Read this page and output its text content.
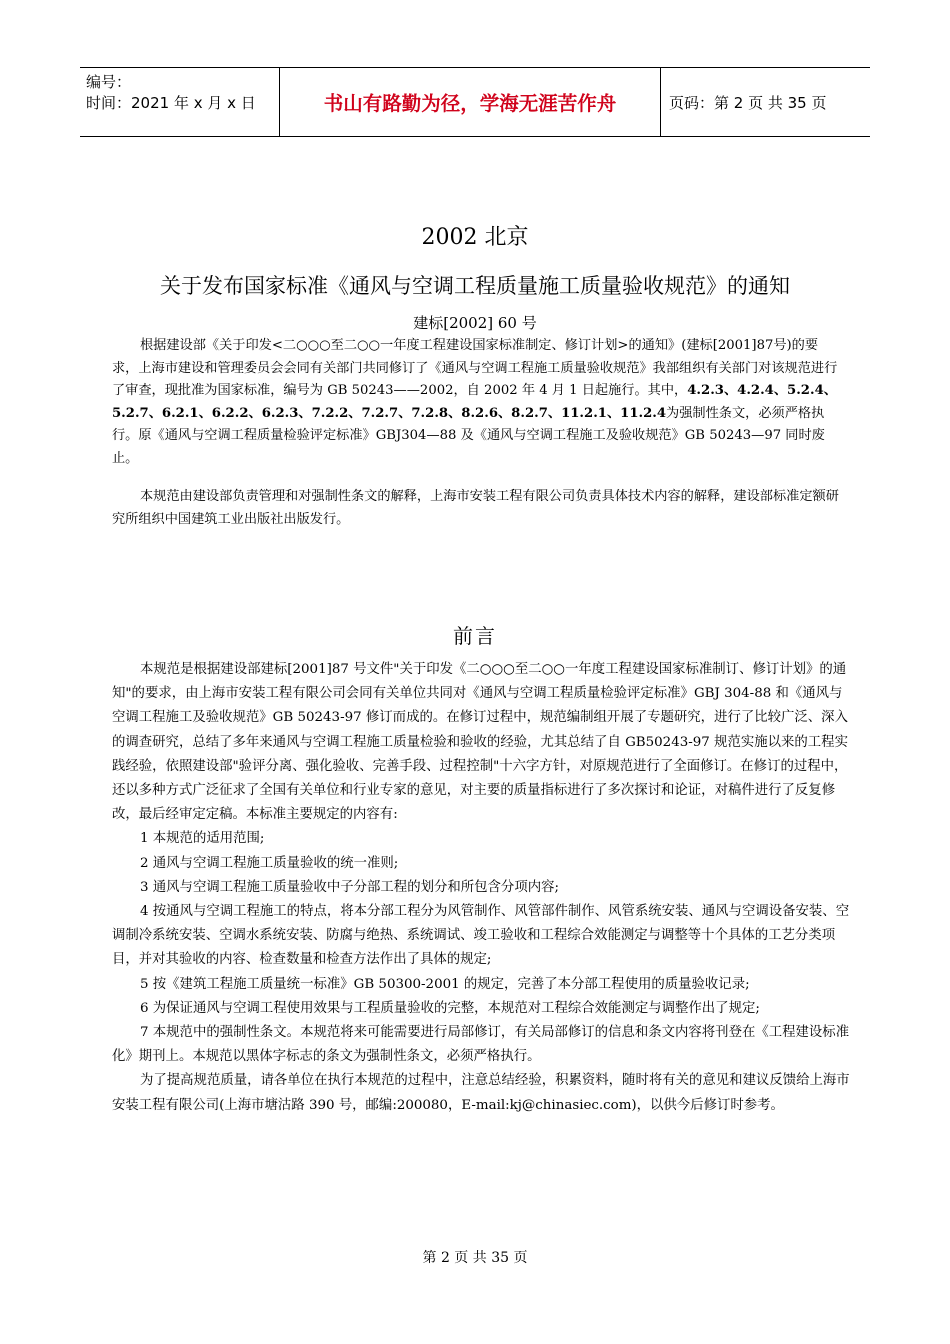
编号：
时间：2021 年 x 月 x 日	书山有路勤为径，学海无涯苦作舟	页码：第 2 页 共 35 页
2002 北京
关于发布国家标准《通风与空调工程质量施工质量验收规范》的通知
建标[2002] 60 号

根据建设部《关于印发<二○○○至二○○一年度工程建设国家标准制定、修订计划>的通知》(建标[2001]87号)的要求，上海市建设和管理委员会会同有关部门共同修订了《通风与空调工程施工质量验收规范》我部组织有关部门对该规范进行了审查，现批准为国家标准，编号为 GB 50243——2002，自 2002 年 4 月 1 日起施行。其中，4.2.3、4.2.4、5.2.4、5.2.7、6.2.1、6.2.2、6.2.3、7.2.2、7.2.7、7.2.8、8.2.6、8.2.7、11.2.1、11.2.4为强制性条文，必须严格执行。原《通风与空调工程质量检验评定标准》GBJ304—88 及《通风与空调工程施工及验收规范》GB 50243—97 同时废止。

本规范由建设部负责管理和对强制性条文的解释，上海市安装工程有限公司负责具体技术内容的解释，建设部标准定额研究所组织中国建筑工业出版社出版发行。

前言

本规范是根据建设部建标[2001]87 号文件"关于印发《二○○○至二○○一年度工程建设国家标准制订、修订计划》的通知"的要求，由上海市安装工程有限公司会同有关单位共同对《通风与空调工程质量检验评定标准》GBJ 304-88 和《通风与空调工程施工及验收规范》GB 50243-97 修订而成的。在修订过程中，规范编制组开展了专题研究，进行了比较广泛、深入的调查研究，总结了多年来通风与空调工程施工质量检验和验收的经验，尤其总结了自 GB50243-97 规范实施以来的工程实践经验，依照建设部"验评分离、强化验收、完善手段、过程控制"十六字方针，对原规范进行了全面修订。在修订的过程中，还以多种方式广泛征求了全国有关单位和行业专家的意见，对主要的质量指标进行了多次探讨和论证，对稿件进行了反复修改，最后经审定定稿。本标准主要规定的内容有:

1 本规范的适用范围;

2 通风与空调工程施工质量验收的统一准则;

3 通风与空调工程施工质量验收中子分部工程的划分和所包含分项内容;

4 按通风与空调工程施工的特点，将本分部工程分为风管制作、风管部件制作、风管系统安装、通风与空调设备安装、空调制冷系统安装、空调水系统安装、防腐与绝热、系统调试、竣工验收和工程综合效能测定与调整等十个具体的工艺分类项目，并对其验收的内容、检查数量和检查方法作出了具体的规定;

5 按《建筑工程施工质量统一标准》GB 50300-2001 的规定，完善了本分部工程使用的质量验收记录;

6 为保证通风与空调工程使用效果与工程质量验收的完整，本规范对工程综合效能测定与调整作出了规定;

7 本规范中的强制性条文。本规范将来可能需要进行局部修订，有关局部修订的信息和条文内容将刊登在《工程建设标准化》期刊上。本规范以黑体字标志的条文为强制性条文，必须严格执行。

为了提高规范质量，请各单位在执行本规范的过程中，注意总结经验，积累资料，随时将有关的意见和建议反馈给上海市安装工程有限公司(上海市塘沽路 390 号，邮编:200080，E-mail:kj@chinasiec.com)，以供今后修订时参考。

第 2 页 共 35 页
